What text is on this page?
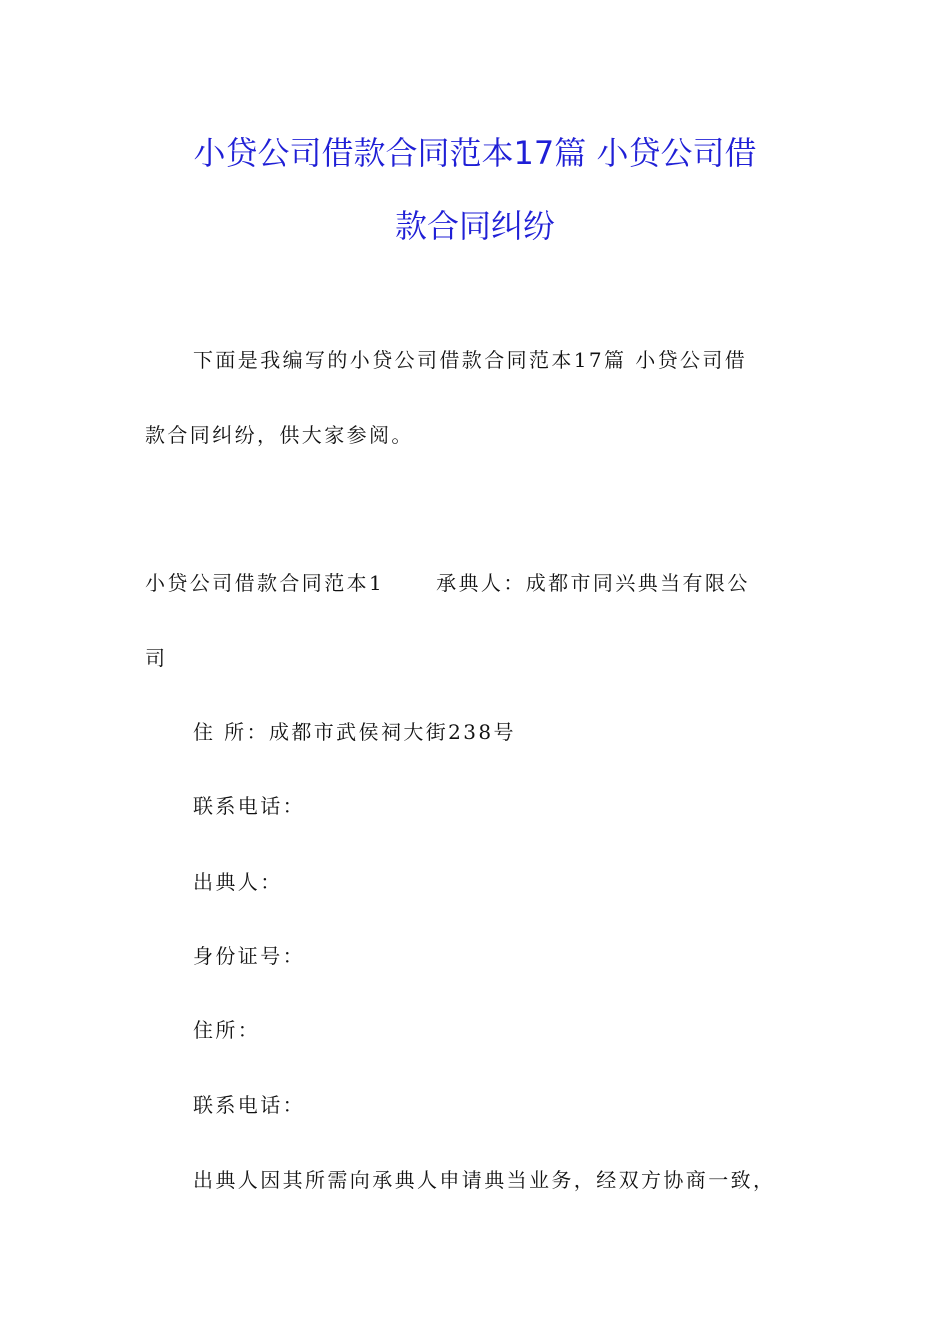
小贷公司借款合同范本17篇 小贷公司借
款合同纠纷
下面是我编写的小贷公司借款合同范本17篇 小贷公司借
款合同纠纷，供大家参阅。
小贷公司借款合同范本1	承典人：成都市同兴典当有限公
司
住 所：成都市武侯祠大街238号
联系电话：
出典人：
身份证号：
住所：
联系电话：
出典人因其所需向承典人申请典当业务，经双方协商一致，
